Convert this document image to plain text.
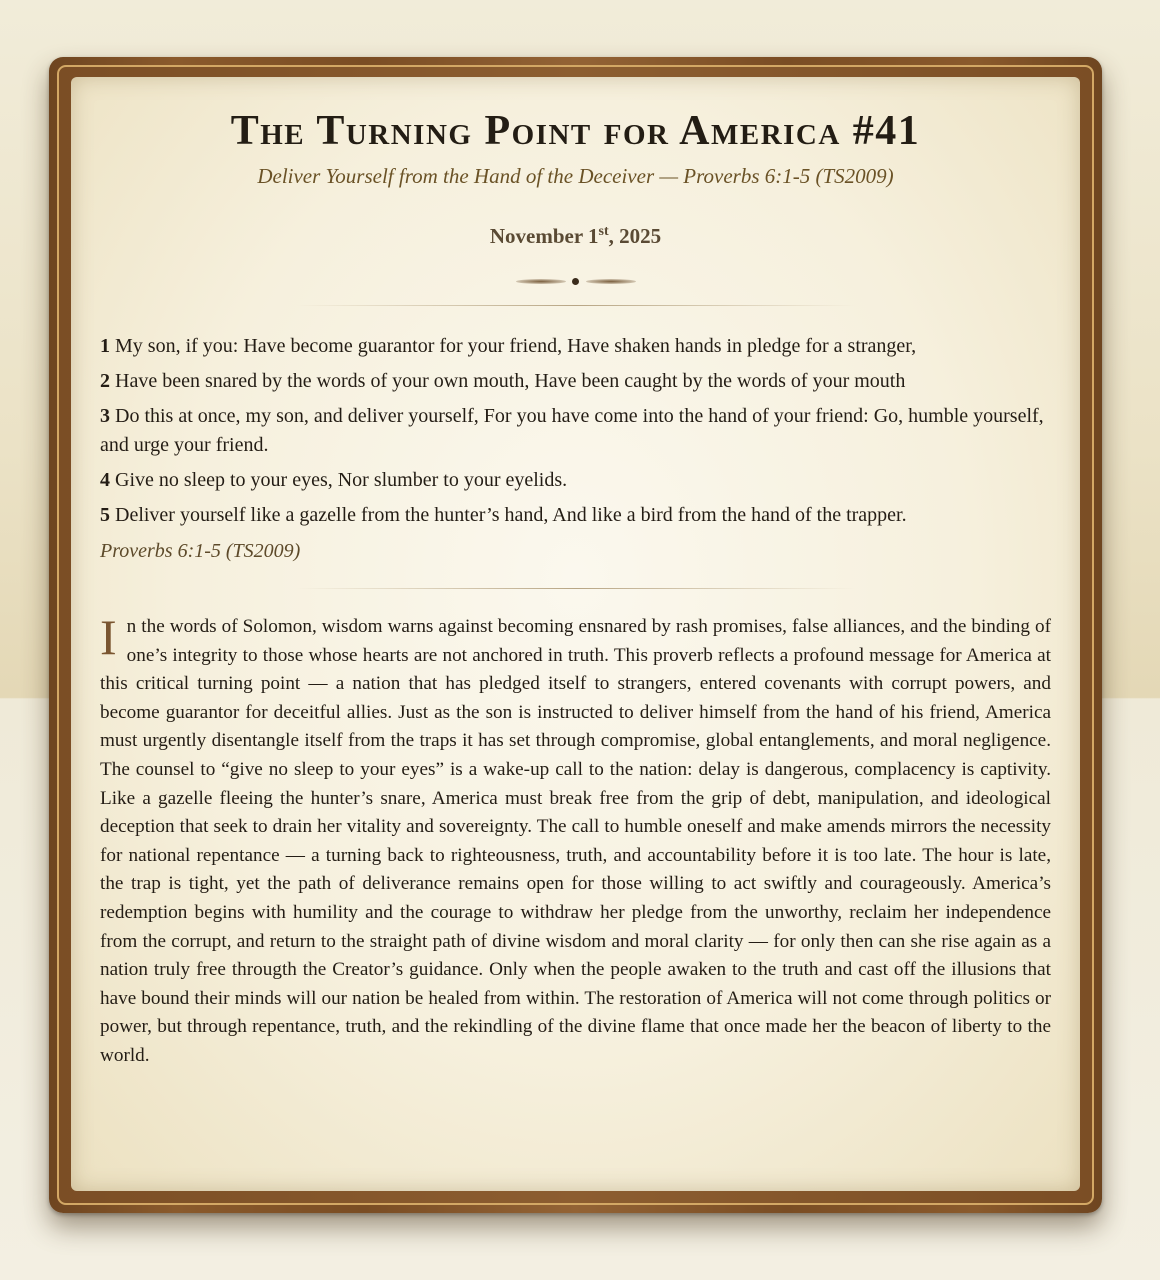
The Turning Point for America #41
Deliver Yourself from the Hand of the Deceiver — Proverbs 6:1-5 (TS2009)
November 1st, 2025
1 My son, if you: Have become guarantor for your friend, Have shaken hands in pledge for a stranger,
2 Have been snared by the words of your own mouth, Have been caught by the words of your mouth
3 Do this at once, my son, and deliver yourself, For you have come into the hand of your friend: Go, humble yourself, and urge your friend.
4 Give no sleep to your eyes, Nor slumber to your eyelids.
5 Deliver yourself like a gazelle from the hunter’s hand, And like a bird from the hand of the trapper.
Proverbs 6:1-5 (TS2009)
In the words of Solomon, wisdom warns against becoming ensnared by rash promises, false alliances, and the binding of one’s integrity to those whose hearts are not anchored in truth. This proverb reflects a profound message for America at this critical turning point — a nation that has pledged itself to strangers, entered covenants with corrupt powers, and become guarantor for deceitful allies. Just as the son is instructed to deliver himself from the hand of his friend, America must urgently disentangle itself from the traps it has set through compromise, global entanglements, and moral negligence. The counsel to “give no sleep to your eyes” is a wake-up call to the nation: delay is dangerous, complacency is captivity. Like a gazelle fleeing the hunter’s snare, America must break free from the grip of debt, manipulation, and ideological deception that seek to drain her vitality and sovereignty. The call to humble oneself and make amends mirrors the necessity for national repentance — a turning back to righteousness, truth, and accountability before it is too late. The hour is late, the trap is tight, yet the path of deliverance remains open for those willing to act swiftly and courageously. America’s redemption begins with humility and the courage to withdraw her pledge from the unworthy, reclaim her independence from the corrupt, and return to the straight path of divine wisdom and moral clarity — for only then can she rise again as a nation truly free througth the Creator’s guidance. Only when the people awaken to the truth and cast off the illusions that have bound their minds will our nation be healed from within. The restoration of America will not come through politics or power, but through repentance, truth, and the rekindling of the divine flame that once made her the beacon of liberty to the world.
